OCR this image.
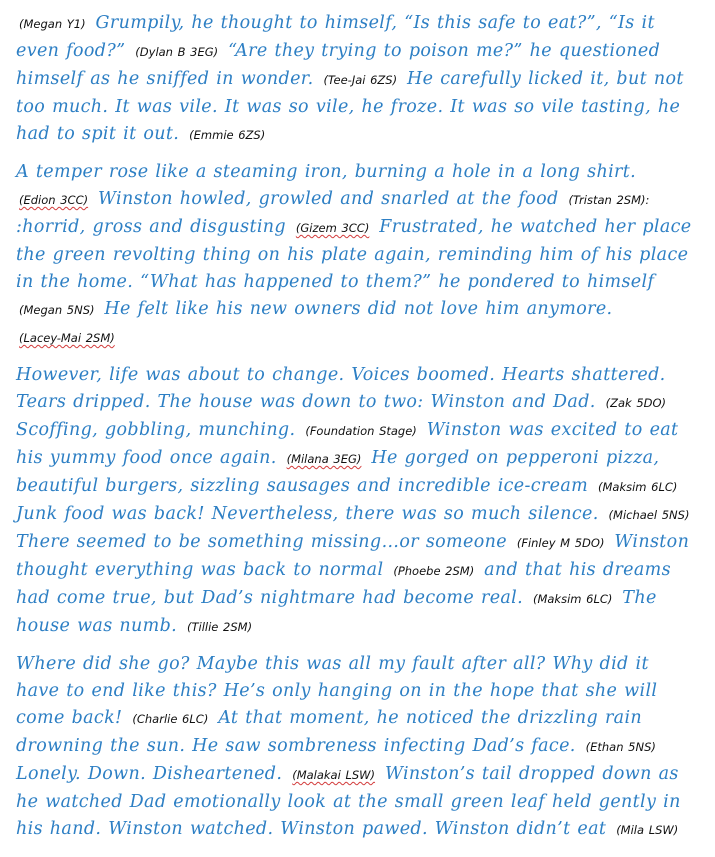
(Megan Y1) Grumpily, he thought to himself, “Is this safe to eat?”, “Is it even food?” (Dylan B 3EG) “Are they trying to poison me?” he questioned himself as he sniffed in wonder. (Tee-Jai 6ZS) He carefully licked it, but not too much. It was vile. It was so vile, he froze. It was so vile tasting, he had to spit it out. (Emmie 6ZS)

A temper rose like a steaming iron, burning a hole in a long shirt. (Edion 3CC) Winston howled, growled and snarled at the food (Tristan 2SM): :horrid, gross and disgusting (Gizem 3CC) Frustrated, he watched her place the green revolting thing on his plate again, reminding him of his place in the home. “What has happened to them?” he pondered to himself (Megan 5NS) He felt like his new owners did not love him anymore. (Lacey-Mai 2SM)

However, life was about to change. Voices boomed. Hearts shattered. Tears dripped. The house was down to two: Winston and Dad. (Zak 5DO) Scoffing, gobbling, munching. (Foundation Stage) Winston was excited to eat his yummy food once again. (Milana 3EG) He gorged on pepperoni pizza, beautiful burgers, sizzling sausages and incredible ice-cream (Maksim 6LC) Junk food was back! Nevertheless, there was so much silence. (Michael 5NS) There seemed to be something missing…or someone (Finley M 5DO) Winston thought everything was back to normal (Phoebe 2SM) and that his dreams had come true, but Dad’s nightmare had become real. (Maksim 6LC) The house was numb. (Tillie 2SM)

Where did she go? Maybe this was all my fault after all? Why did it have to end like this? He’s only hanging on in the hope that she will come back! (Charlie 6LC) At that moment, he noticed the drizzling rain drowning the sun. He saw sombreness infecting Dad’s face. (Ethan 5NS) Lonely. Down. Disheartened. (Malakai LSW) Winston’s tail dropped down as he watched Dad emotionally look at the small green leaf held gently in his hand. Winston watched. Winston pawed. Winston didn’t eat (Mila LSW)
